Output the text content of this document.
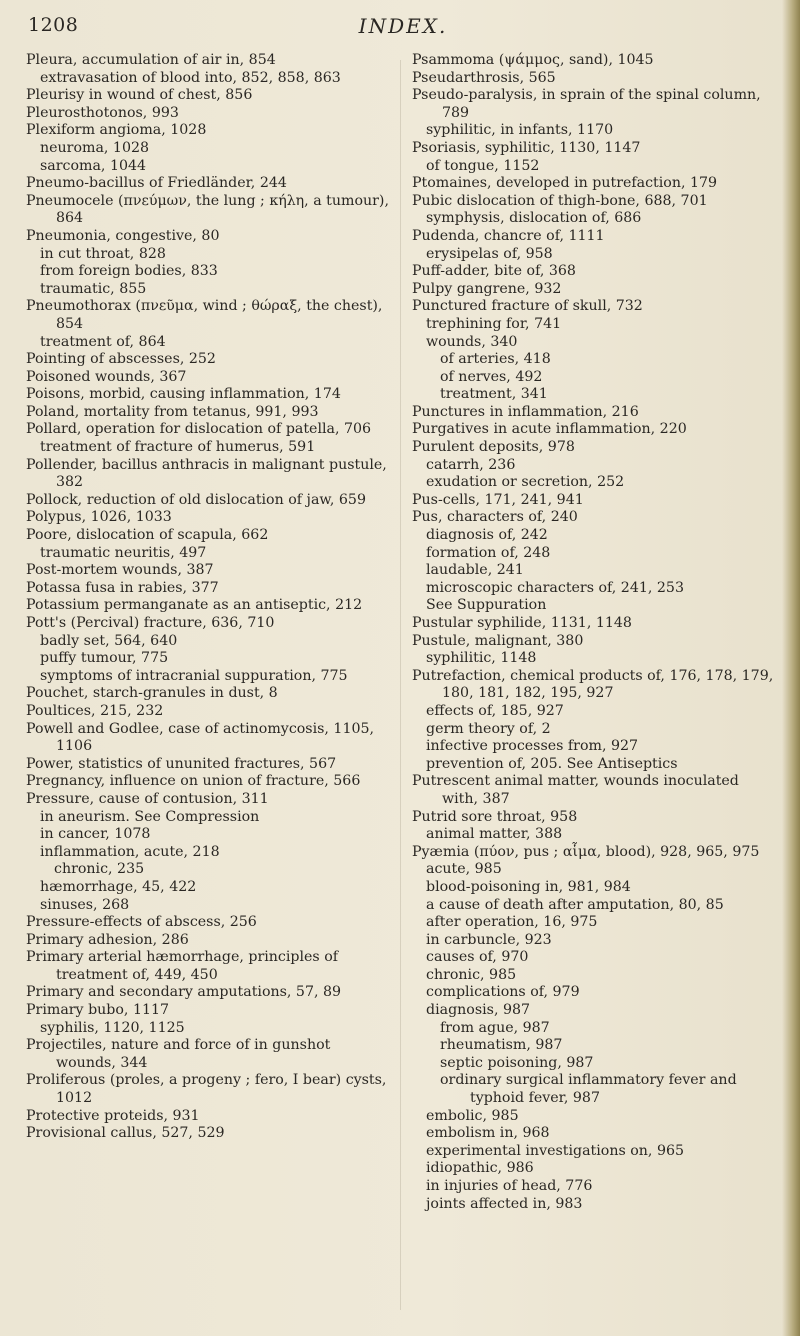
1208	INDEX.

Pleura, accumulation of air in, 854

extravasation of blood into, 852, 858, 863

Pleurisy in wound of chest, 856

Pleurosthotonos, 993

Plexiform angioma, 1028

neuroma, 1028

sarcoma, 1044

Pneumo-bacillus of Friedländer, 244

Pneumocele (πνεύμων, the lung ; κήλη, a tumour), 864

Pneumonia, congestive, 80

in cut throat, 828

from foreign bodies, 833

traumatic, 855

Pneumothorax (πνεῦμα, wind ; θώραξ, the chest), 854

treatment of, 864

Pointing of abscesses, 252

Poisoned wounds, 367

Poisons, morbid, causing inflammation, 174

Poland, mortality from tetanus, 991, 993

Pollard, operation for dislocation of patella, 706

treatment of fracture of humerus, 591

Pollender, bacillus anthracis in malignant pustule, 382

Pollock, reduction of old dislocation of jaw, 659

Polypus, 1026, 1033

Poore, dislocation of scapula, 662

traumatic neuritis, 497

Post-mortem wounds, 387

Potassa fusa in rabies, 377

Potassium permanganate as an antiseptic, 212

Pott's (Percival) fracture, 636, 710

badly set, 564, 640

puffy tumour, 775

symptoms of intracranial suppuration, 775

Pouchet, starch-granules in dust, 8

Poultices, 215, 232

Powell and Godlee, case of actinomycosis, 1105, 1106

Power, statistics of ununited fractures, 567

Pregnancy, influence on union of fracture, 566

Pressure, cause of contusion, 311

in aneurism. See Compression

in cancer, 1078

inflammation, acute, 218

chronic, 235

hæmorrhage, 45, 422

sinuses, 268

Pressure-effects of abscess, 256

Primary adhesion, 286

Primary arterial hæmorrhage, principles of treatment of, 449, 450

Primary and secondary amputations, 57, 89

Primary bubo, 1117

syphilis, 1120, 1125

Projectiles, nature and force of in gunshot wounds, 344

Proliferous (proles, a progeny ; fero, I bear) cysts, 1012

Protective proteids, 931

Provisional callus, 527, 529

Psammoma (ψάμμος, sand), 1045

Pseudarthrosis, 565

Pseudo-paralysis, in sprain of the spinal column, 789

syphilitic, in infants, 1170

Psoriasis, syphilitic, 1130, 1147

of tongue, 1152

Ptomaines, developed in putrefaction, 179

Pubic dislocation of thigh-bone, 688, 701

symphysis, dislocation of, 686

Pudenda, chancre of, 1111

erysipelas of, 958

Puff-adder, bite of, 368

Pulpy gangrene, 932

Punctured fracture of skull, 732

trephining for, 741

wounds, 340

of arteries, 418

of nerves, 492

treatment, 341

Punctures in inflammation, 216

Purgatives in acute inflammation, 220

Purulent deposits, 978

catarrh, 236

exudation or secretion, 252

Pus-cells, 171, 241, 941

Pus, characters of, 240

diagnosis of, 242

formation of, 248

laudable, 241

microscopic characters of, 241, 253

See Suppuration

Pustular syphilide, 1131, 1148

Pustule, malignant, 380

syphilitic, 1148

Putrefaction, chemical products of, 176, 178, 179, 180, 181, 182, 195, 927

effects of, 185, 927

germ theory of, 2

infective processes from, 927

prevention of, 205. See Antiseptics

Putrescent animal matter, wounds inoculated with, 387

Putrid sore throat, 958

animal matter, 388

Pyæmia (πύον, pus ; αἷμα, blood), 928, 965, 975

acute, 985

blood-poisoning in, 981, 984

a cause of death after amputation, 80, 85

after operation, 16, 975

in carbuncle, 923

causes of, 970

chronic, 985

complications of, 979

diagnosis, 987

from ague, 987

rheumatism, 987

septic poisoning, 987

ordinary surgical inflammatory fever and typhoid fever, 987

embolic, 985

embolism in, 968

experimental investigations on, 965

idiopathic, 986

in injuries of head, 776

joints affected in, 983
